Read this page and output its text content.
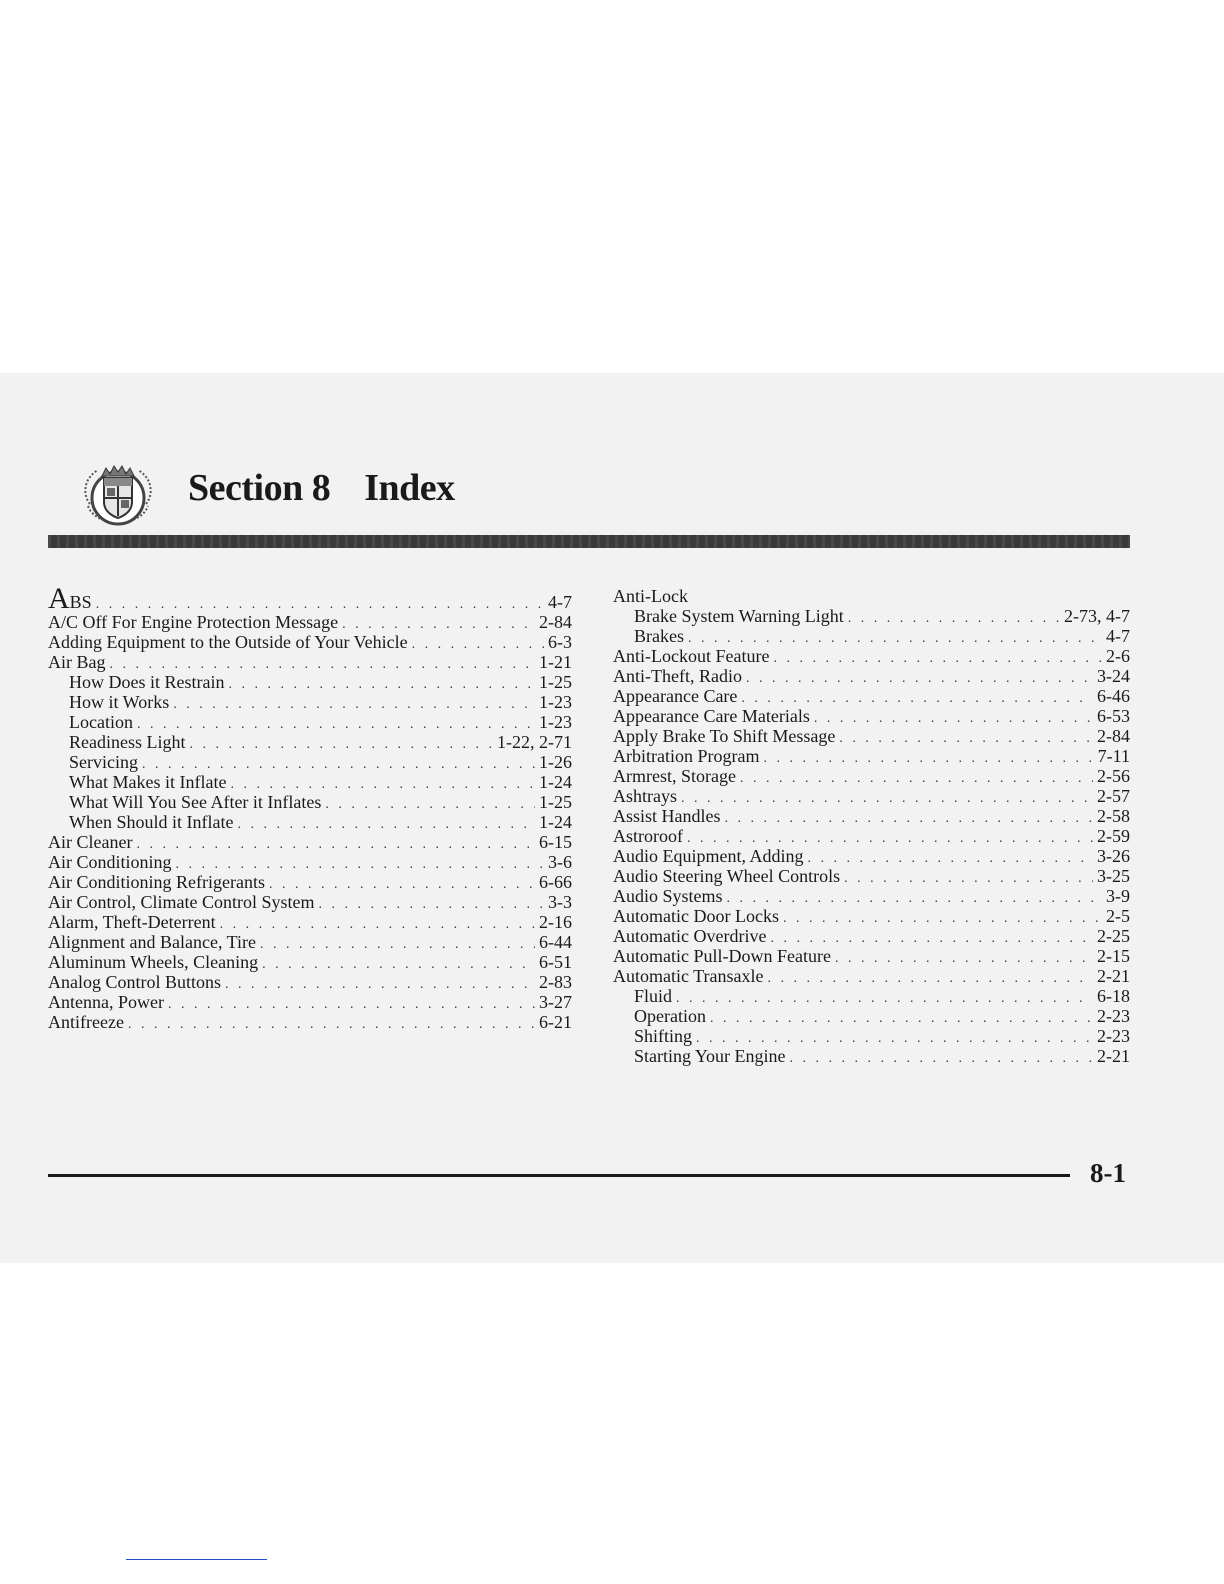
Section 8 Index
ABS . . .	4-7
A/C Off For Engine Protection Message . . .	2-84
Adding Equipment to the Outside of Your Vehicle . . .	6-3
Air Bag . . .	1-21
How Does it Restrain . . .	1-25
How it Works . . .	1-23
Location . . .	1-23
Readiness Light . . .	1-22, 2-71
Servicing . . .	1-26
What Makes it Inflate . . .	1-24
What Will You See After it Inflates . . .	1-25
When Should it Inflate . . .	1-24
Air Cleaner . . .	6-15
Air Conditioning . . .	3-6
Air Conditioning Refrigerants . . .	6-66
Air Control, Climate Control System . . .	3-3
Alarm, Theft-Deterrent . . .	2-16
Alignment and Balance, Tire . . .	6-44
Aluminum Wheels, Cleaning . . .	6-51
Analog Control Buttons . . .	2-83
Antenna, Power . . .	3-27
Antifreeze . . .	6-21
Anti-Lock
Brake System Warning Light . . .	2-73, 4-7
Brakes . . .	4-7
Anti-Lockout Feature . . .	2-6
Anti-Theft, Radio . . .	3-24
Appearance Care . . .	6-46
Appearance Care Materials . . .	6-53
Apply Brake To Shift Message . . .	2-84
Arbitration Program . . .	7-11
Armrest, Storage . . .	2-56
Ashtrays . . .	2-57
Assist Handles . . .	2-58
Astroroof . . .	2-59
Audio Equipment, Adding . . .	3-26
Audio Steering Wheel Controls . . .	3-25
Audio Systems . . .	3-9
Automatic Door Locks . . .	2-5
Automatic Overdrive . . .	2-25
Automatic Pull-Down Feature . . .	2-15
Automatic Transaxle . . .	2-21
Fluid . . .	6-18
Operation . . .	2-23
Shifting . . .	2-23
Starting Your Engine . . .	2-21
8-1
